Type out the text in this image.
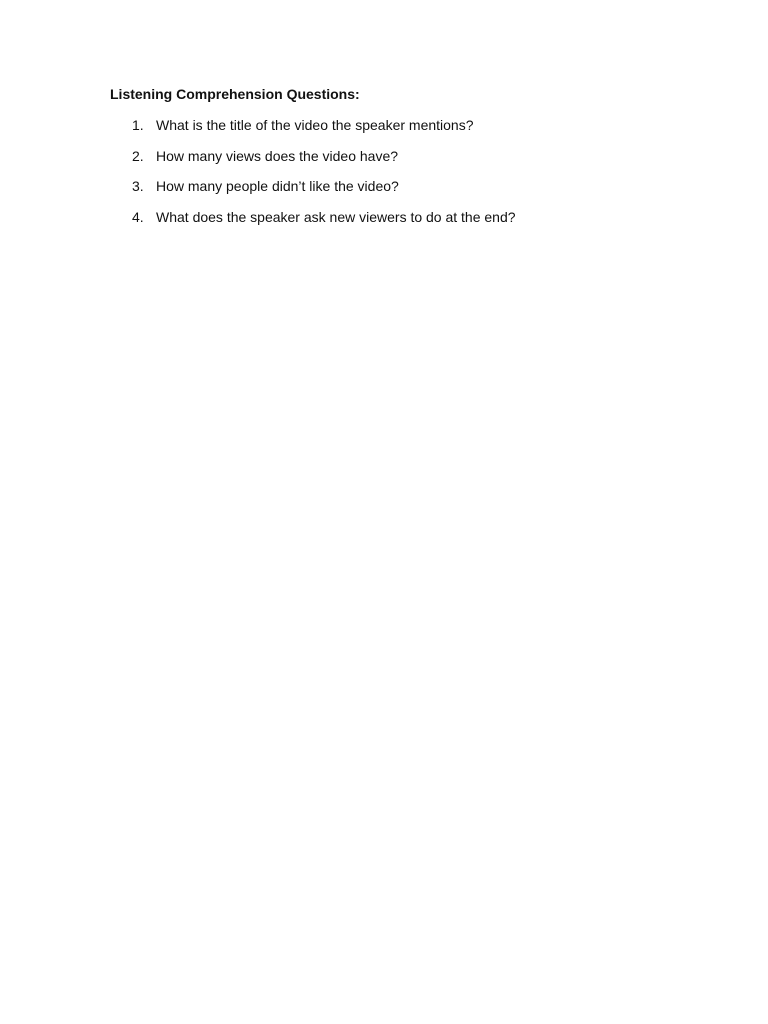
Listening Comprehension Questions:
1. What is the title of the video the speaker mentions?
2. How many views does the video have?
3. How many people didn’t like the video?
4. What does the speaker ask new viewers to do at the end?
